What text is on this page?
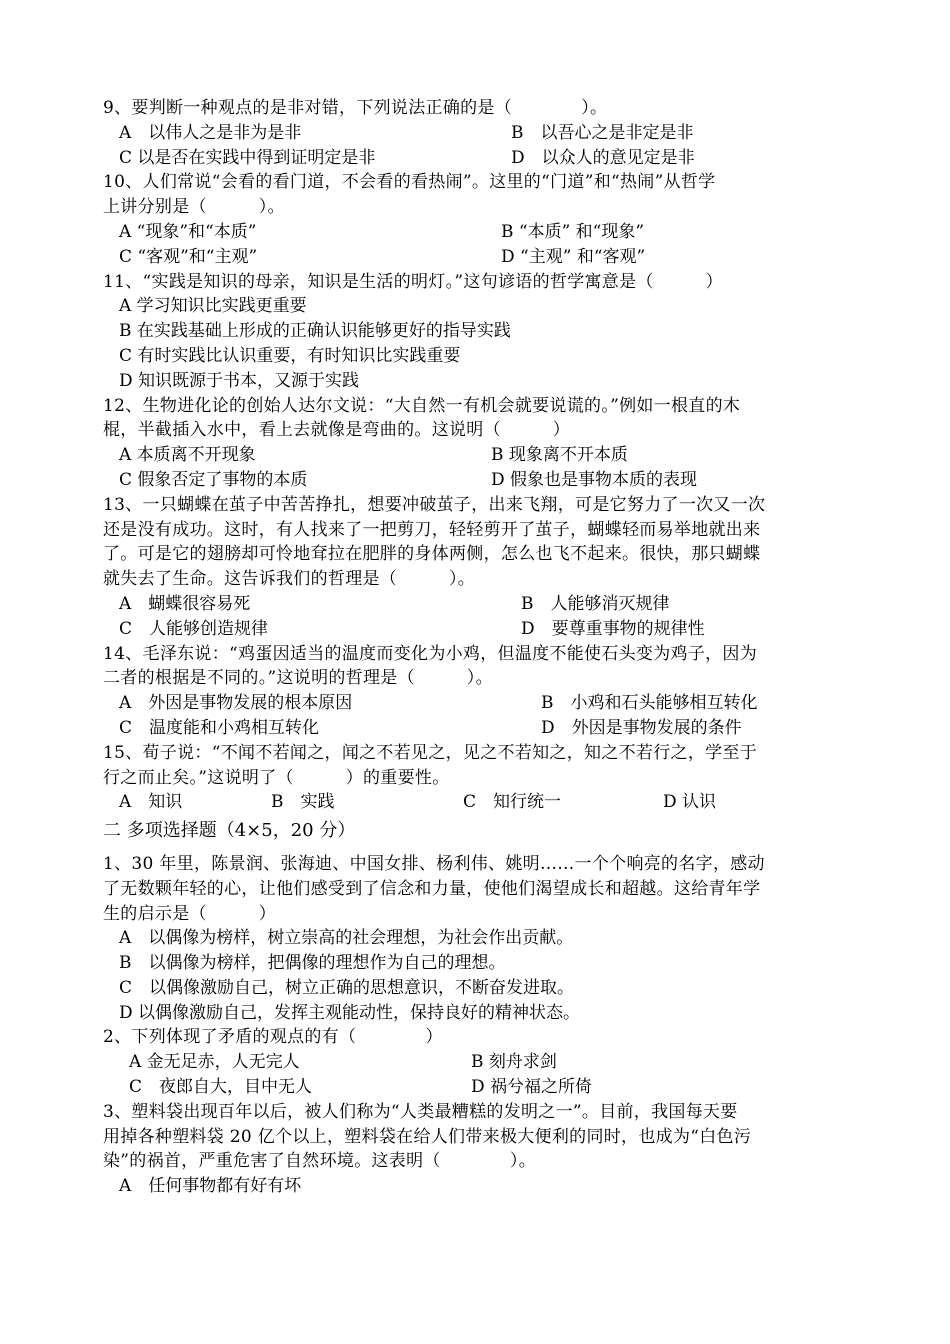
9、要判断一种观点的是非对错，下列说法正确的是（　　　　）。
A　以伟人之是非为是非	B　以吾心之是非定是非
C 以是否在实践中得到证明定是非	D　以众人的意见定是非
10、人们常说“会看的看门道，不会看的看热闹”。这里的“门道”和“热闹”从哲学
上讲分别是（　　　）。
A “现象”和“本质”	B “本质” 和“现象”
C “客观”和“主观”	D “主观” 和“客观”
11、“实践是知识的母亲，知识是生活的明灯。”这句谚语的哲学寓意是（　　　）
A 学习知识比实践更重要
B 在实践基础上形成的正确认识能够更好的指导实践
C 有时实践比认识重要，有时知识比实践重要
D 知识既源于书本，又源于实践
12、生物进化论的创始人达尔文说：“大自然一有机会就要说谎的。”例如一根直的木
棍，半截插入水中，看上去就像是弯曲的。这说明（　　　）
A 本质离不开现象	B 现象离不开本质
C 假象否定了事物的本质	D 假象也是事物本质的表现
13、一只蝴蝶在茧子中苦苦挣扎，想要冲破茧子，出来飞翔，可是它努力了一次又一次
还是没有成功。这时，有人找来了一把剪刀，轻轻剪开了茧子，蝴蝶轻而易举地就出来
了。可是它的翅膀却可怜地耷拉在肥胖的身体两侧，怎么也飞不起来。很快，那只蝴蝶
就失去了生命。这告诉我们的哲理是（　　　）。
A　蝴蝶很容易死	B　人能够消灭规律
C　人能够创造规律	D　要尊重事物的规律性
14、毛泽东说：“鸡蛋因适当的温度而变化为小鸡，但温度不能使石头变为鸡子，因为
二者的根据是不同的。”这说明的哲理是（　　　）。
A　外因是事物发展的根本原因	B　小鸡和石头能够相互转化
C　温度能和小鸡相互转化	D　外因是事物发展的条件
15、荀子说：“不闻不若闻之，闻之不若见之，见之不若知之，知之不若行之，学至于
行之而止矣。”这说明了（　　　）的重要性。
A　知识	B　实践	C　知行统一	D 认识
二 多项选择题（4×5，20 分）
1、30 年里，陈景润、张海迪、中国女排、杨利伟、姚明……一个个响亮的名字，感动
了无数颗年轻的心，让他们感受到了信念和力量，使他们渴望成长和超越。这给青年学
生的启示是（　　　）
A　以偶像为榜样，树立崇高的社会理想，为社会作出贡献。
B　以偶像为榜样，把偶像的理想作为自己的理想。
C　以偶像激励自己，树立正确的思想意识，不断奋发进取。
D 以偶像激励自己，发挥主观能动性，保持良好的精神状态。
2、下列体现了矛盾的观点的有（　　　　）
A 金无足赤，人无完人	B 刻舟求剑
C　夜郎自大，目中无人	D 祸兮福之所倚
3、塑料袋出现百年以后，被人们称为“人类最糟糕的发明之一”。目前，我国每天要
用掉各种塑料袋 20 亿个以上，塑料袋在给人们带来极大便利的同时，也成为“白色污
染”的祸首，严重危害了自然环境。这表明（　　　　）。
A　任何事物都有好有坏
